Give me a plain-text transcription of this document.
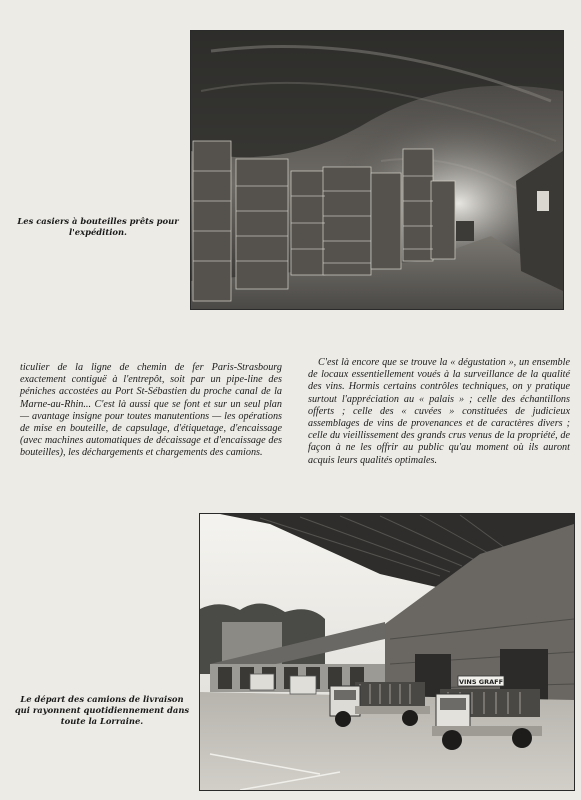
Les casiers à bouteilles prêts pour l'expédition.

ticulier de la ligne de chemin de fer Paris-Strasbourg exactement contiguë à l'entrepôt, soit par un pipe-line des péniches accostées au Port St-Sébastien du proche canal de la Marne-au-Rhin... C'est là aussi que se font et sur un seul plan — avantage insigne pour toutes manutentions — les opérations de mise en bouteille, de capsulage, d'étiquetage, d'encaissage (avec machines automatiques de décaissage et d'encaissage des bouteilles), les déchargements et chargements des camions.

C'est là encore que se trouve la « dégustation », un ensemble de locaux essentiellement voués à la surveillance de la qualité des vins. Hormis certains contrôles techniques, on y pratique surtout l'appréciation au « palais » ; celle des échantillons offerts ; celle des « cuvées » constituées de judicieux assemblages de vins de provenances et de caractères divers ; celle du vieillissement des grands crus venus de la propriété, de façon à ne les offrir au public qu'au moment où ils auront acquis leurs qualités optimales.

VINS GRAFF
Le départ des camions de livraison qui rayonnent quotidiennement dans toute la Lorraine.
